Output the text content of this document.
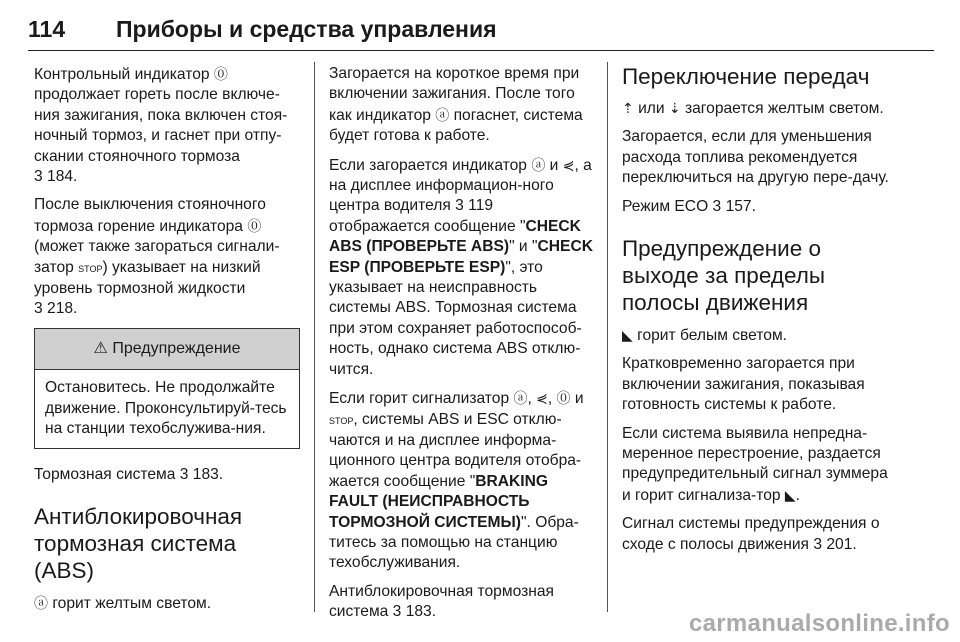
114 Приборы и средства управления

Контрольный индикатор ⓪ продолжает гореть после включе-ния зажигания, пока включен стоя-ночный тормоз, и гаснет при отпу-скании стояночного тормоза
3 184.

После выключения стояночного тормоза горение индикатора ⓪ (может также загораться сигнали-затор STOP) указывает на низкий уровень тормозной жидкости
3 218.

⚠ Предупреждение
Остановитесь. Не продолжайте движение. Проконсультируй-тесь на станции техобслужива-ния.

Тормозная система 3 183.

Антиблокировочная тормозная система (ABS)

ⓐ горит желтым светом.

Загорается на короткое время при включении зажигания. После того как индикатор ⓐ погаснет, система будет готова к работе.

Если загорается индикатор ⓐ и ⋞, а на дисплее информацион-ного центра водителя 3 119 отображается сообщение "CHECK ABS (ПРОВЕРЬТЕ ABS)" и "CHECK ESP (ПРОВЕРЬТЕ ESP)", это указывает на неисправность системы ABS. Тормозная система при этом сохраняет работоспособ-ность, однако система ABS отклю-чится.

Если горит сигнализатор ⓐ, ⋞, ⓪ и STOP, системы ABS и ESC отклю-чаются и на дисплее информа-ционного центра водителя отобра-жается сообщение "BRAKING FAULT (НЕИСПРАВНОСТЬ ТОРМОЗНОЙ СИСТЕМЫ)". Обра-титесь за помощью на станцию техобслуживания.

Антиблокировочная тормозная система 3 183.

Переключение передач

⇡ или ⇣ загорается желтым светом.

Загорается, если для уменьшения расхода топлива рекомендуется переключиться на другую пере-дачу.

Режим ECO 3 157.

Предупреждение о выходе за пределы полосы движения

◣ горит белым светом.

Кратковременно загорается при включении зажигания, показывая готовность системы к работе.

Если система выявила непредна-меренное перестроение, раздается предупредительный сигнал зуммера и горит сигнализа-тор ◣.

Сигнал системы предупреждения о сходе с полосы движения 3 201.

carmanualsonline.info
